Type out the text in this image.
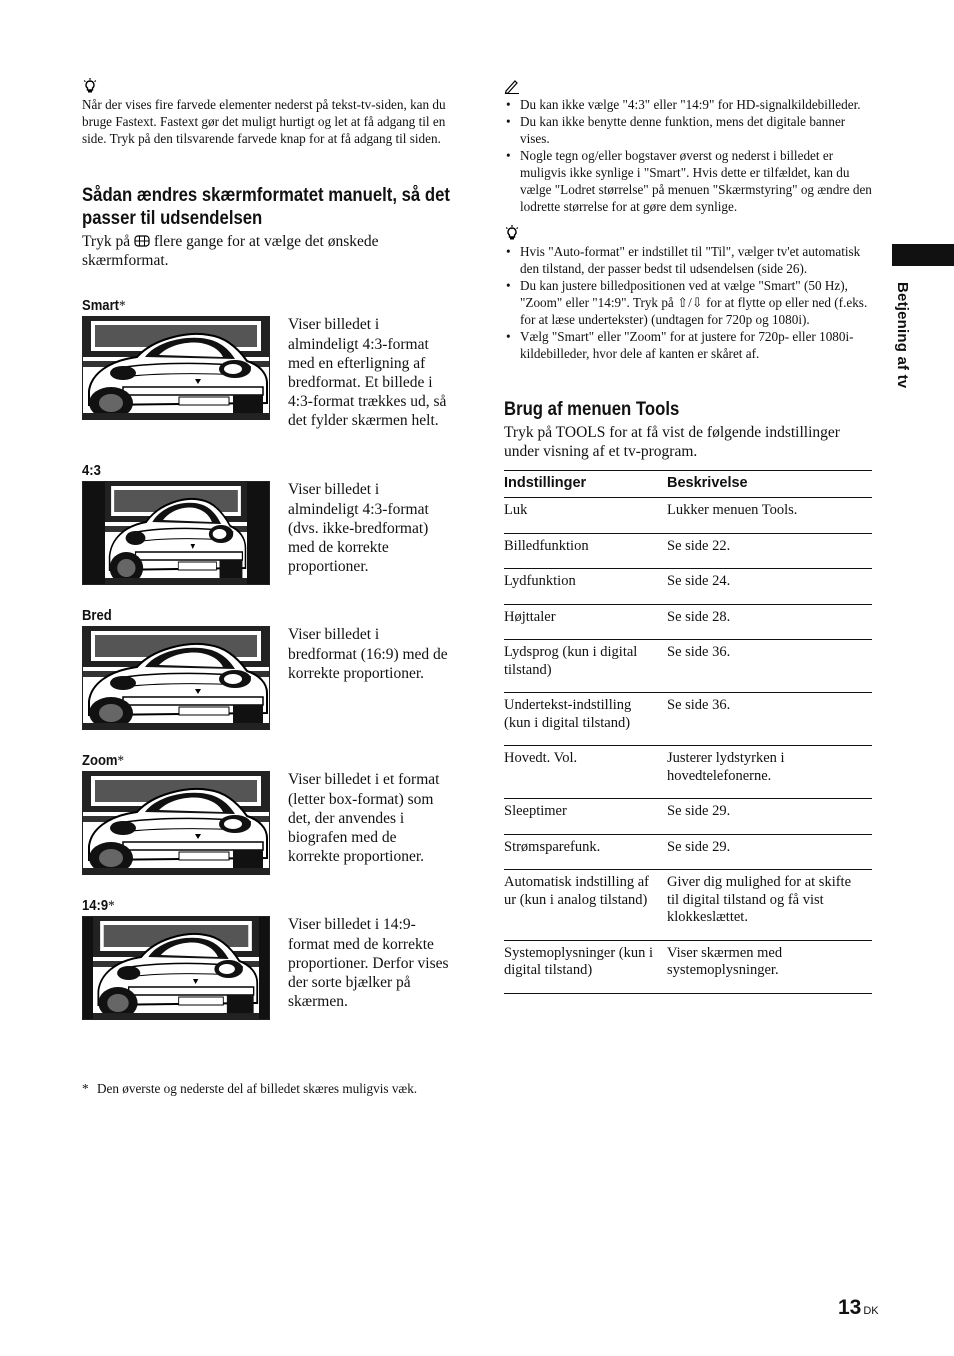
Når der vises fire farvede elementer nederst på tekst-tv-siden, kan du bruge Fastext. Fastext gør det muligt hurtigt og let at få adgang til en side. Tryk på den tilsvarende farvede knap for at få adgang til siden.
Sådan ændres skærmformatet manuelt, så det passer til udsendelsen
Tryk på flere gange for at vælge det ønskede skærmformat.
Smart*
Viser billedet i almindeligt 4:3-format med en efterligning af bredformat. Et billede i 4:3-format trækkes ud, så det fylder skærmen helt.
4:3
Viser billedet i almindeligt 4:3-format (dvs. ikke-bredformat) med de korrekte proportioner.
Bred
Viser billedet i bredformat (16:9) med de korrekte proportioner.
Zoom*
Viser billedet i et format (letter box-format) som det, der anvendes i biografen med de korrekte proportioner.
14:9*
Viser billedet i 14:9-format med de korrekte proportioner. Derfor vises der sorte bjælker på skærmen.
* Den øverste og nederste del af billedet skæres muligvis væk.
• Du kan ikke vælge "4:3" eller "14:9" for HD-signalkildebilleder.
• Du kan ikke benytte denne funktion, mens det digitale banner vises.
• Nogle tegn og/eller bogstaver øverst og nederst i billedet er muligvis ikke synlige i "Smart". Hvis dette er tilfældet, kan du vælge "Lodret størrelse" på menuen "Skærmstyring" og ændre den lodrette størrelse for at gøre dem synlige.
• Hvis "Auto-format" er indstillet til "Til", vælger tv'et automatisk den tilstand, der passer bedst til udsendelsen (side 26).
• Du kan justere billedpositionen ved at vælge "Smart" (50 Hz), "Zoom" eller "14:9". Tryk på ⇧/⇩ for at flytte op eller ned (f.eks. for at læse undertekster) (undtagen for 720p og 1080i).
• Vælg "Smart" eller "Zoom" for at justere for 720p- eller 1080i-kildebilleder, hvor dele af kanten er skåret af.
Brug af menuen Tools
Tryk på TOOLS for at få vist de følgende indstillinger under visning af et tv-program.
Indstillinger	Beskrivelse
Luk	Lukker menuen Tools.
Billedfunktion	Se side 22.
Lydfunktion	Se side 24.
Højttaler	Se side 28.
Lydsprog (kun i digital tilstand)	Se side 36.
Undertekst-indstilling (kun i digital tilstand)	Se side 36.
Hovedt. Vol.	Justerer lydstyrken i hovedtelefonerne.
Sleeptimer	Se side 29.
Strømsparefunk.	Se side 29.
Automatisk indstilling af ur (kun i analog tilstand)	Giver dig mulighed for at skifte til digital tilstand og få vist klokkeslættet.
Systemoplysninger (kun i digital tilstand)	Viser skærmen med systemoplysninger.
Betjening af tv
13 DK
